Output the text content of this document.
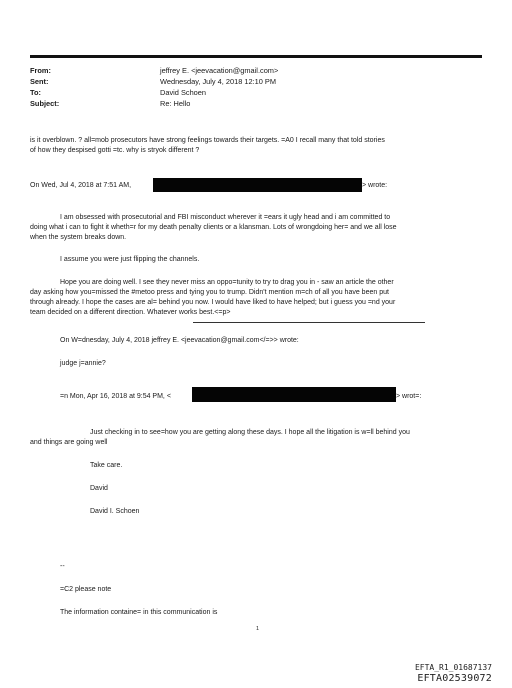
From:	jeffrey E. <jeevacation@gmail.com>
Sent:	Wednesday, July 4, 2018 12:10 PM
To:	David Schoen
Subject:	Re: Hello
is it overblown. ? all=mob prosecutors have strong feelings towards their targets. =A0 I recall many that told stories
of how they despised gotti =tc. why is stryok different ?
On Wed, Jul 4, 2018 at 7:51 AM,	> wrote:
I am obsessed with prosecutorial and FBI misconduct wherever it =ears it ugly head and i am committed to
doing what i can to fight it wheth=r for my death penalty clients or a klansman. Lots of wrongdoing her= and we all lose
when the system breaks down.
I assume you were just flipping the channels.
Hope you are doing well. I see they never miss an oppo=tunity to try to drag you in - saw an article the other
day asking how you=missed the #metoo press and tying you to trump. Didn't mention m=ch of all you have been put
through already. I hope the cases are al= behind you now. I would have liked to have helped; but i guess you =nd your
team decided on a different direction. Whatever works best.<=p>
On W=dnesday, July 4, 2018 jeffrey E. <jeevacation@gmail.com</=>> wrote:
judge j=annie?
=n Mon, Apr 16, 2018 at 9:54 PM, <	> wrot=:
Just checking in to see=how you are getting along these days. I hope all the litigation is w=ll behind you
and things are going well
Take care.
David
David I. Schoen
--
=C2 please note
The information containe= in this communication is
1
EFTA_R1_01687137
EFTA02539072
